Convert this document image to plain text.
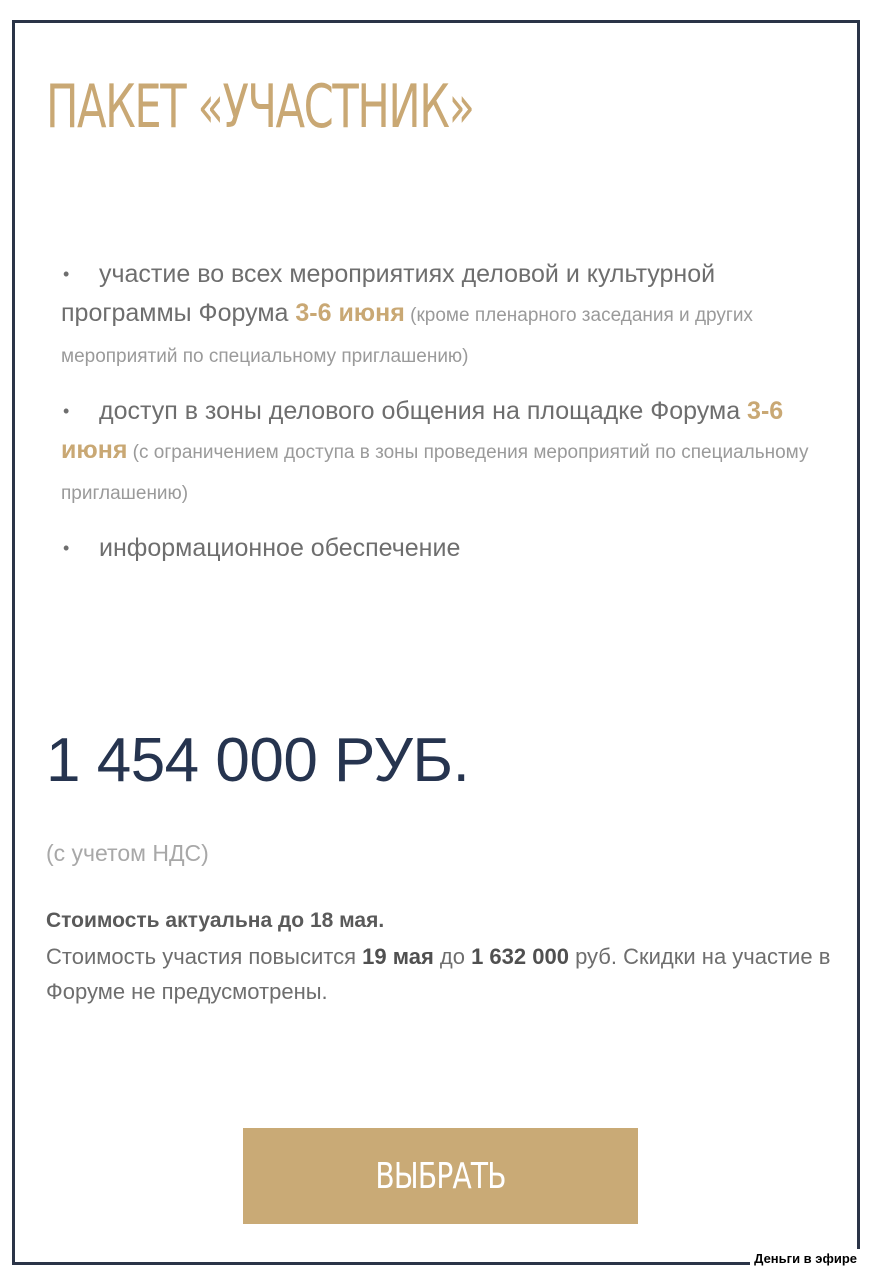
ПАКЕТ «УЧАСТНИК»
• участие во всех мероприятиях деловой и культурной программы Форума 3-6 июня (кроме пленарного заседания и других мероприятий по специальному приглашению)
• доступ в зоны делового общения на площадке Форума 3-6 июня (с ограничением доступа в зоны проведения мероприятий по специальному приглашению)
• информационное обеспечение
1 454 000 РУБ.
(с учетом НДС)
Стоимость актуальна до 18 мая.
Стоимость участия повысится 19 мая до 1 632 000 руб. Скидки на участие в Форуме не предусмотрены.
ВЫБРАТЬ
Деньги в эфире
